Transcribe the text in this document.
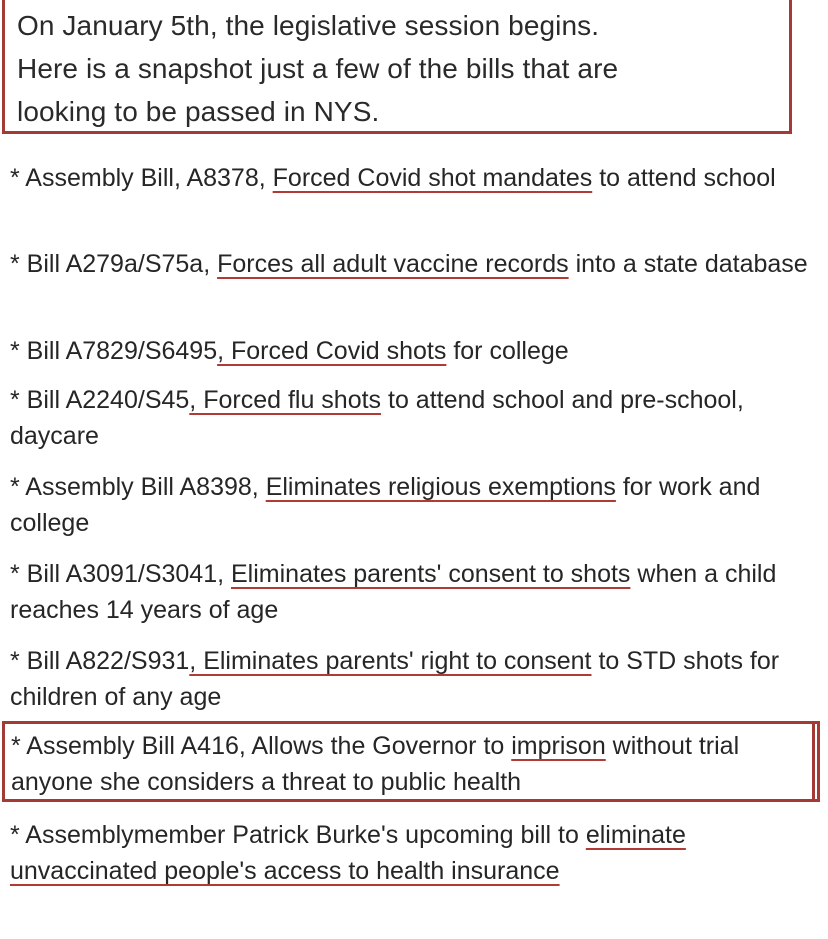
On January 5th, the legislative session begins.

Here is a snapshot just a few of the bills that are

looking to be passed in NYS.

* Assembly Bill, A8378, Forced Covid shot mandates to attend school

* Bill A279a/S75a, Forces all adult vaccine records into a state database

* Bill A7829/S6495, Forced Covid shots for college

* Bill A2240/S45, Forced flu shots to attend school and pre-school, daycare

* Assembly Bill A8398, Eliminates religious exemptions for work and college

* Bill A3091/S3041, Eliminates parents' consent to shots when a child reaches 14 years of age

* Bill A822/S931, Eliminates parents' right to consent to STD shots for children of any age

* Assembly Bill A416, Allows the Governor to imprison without trial anyone she considers a threat to public health

* Assemblymember Patrick Burke's upcoming bill to eliminate unvaccinated people's access to health insurance
